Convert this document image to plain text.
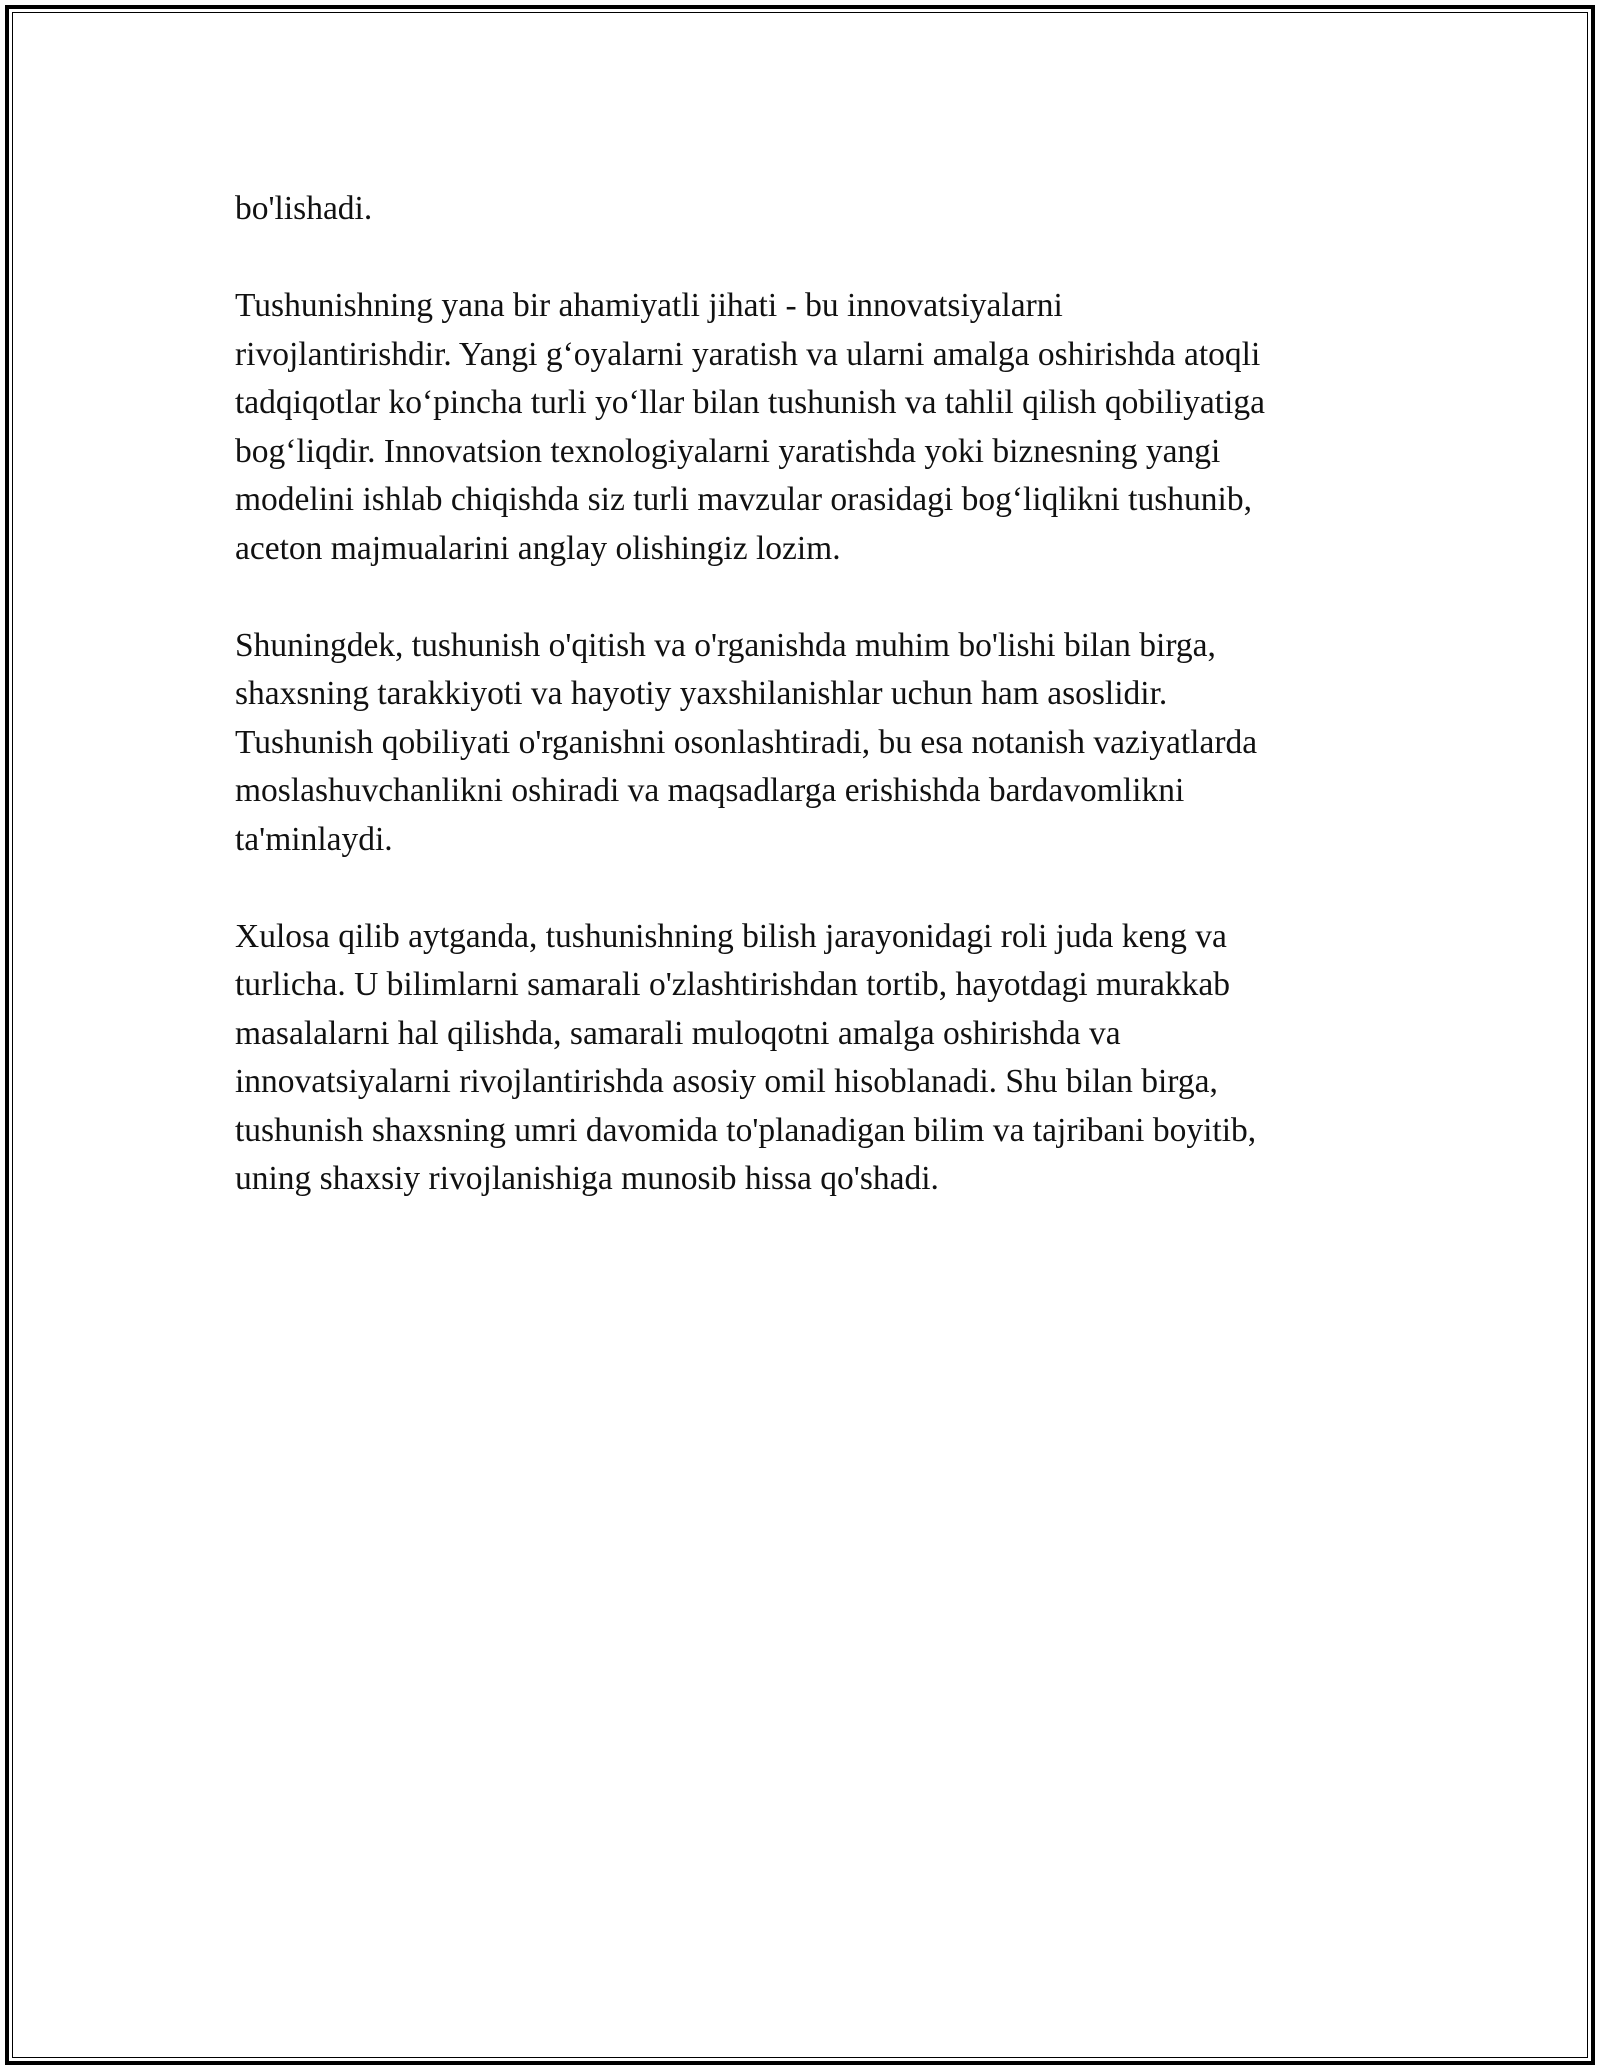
bo'lishadi.

Tushunishning yana bir ahamiyatli jihati - bu innovatsiyalarni
rivojlantirishdir. Yangi g‘oyalarni yaratish va ularni amalga oshirishda atoqli
tadqiqotlar ko‘pincha turli yo‘llar bilan tushunish va tahlil qilish qobiliyatiga
bog‘liqdir. Innovatsion texnologiyalarni yaratishda yoki biznesning yangi
modelini ishlab chiqishda siz turli mavzular orasidagi bog‘liqlikni tushunib,
aceton majmualarini anglay olishingiz lozim.

Shuningdek, tushunish o'qitish va o'rganishda muhim bo'lishi bilan birga,
shaxsning tarakkiyoti va hayotiy yaxshilanishlar uchun ham asoslidir.
Tushunish qobiliyati o'rganishni osonlashtiradi, bu esa notanish vaziyatlarda
moslashuvchanlikni oshiradi va maqsadlarga erishishda bardavomlikni
ta'minlaydi.

Xulosa qilib aytganda, tushunishning bilish jarayonidagi roli juda keng va
turlicha. U bilimlarni samarali o'zlashtirishdan tortib, hayotdagi murakkab
masalalarni hal qilishda, samarali muloqotni amalga oshirishda va
innovatsiyalarni rivojlantirishda asosiy omil hisoblanadi. Shu bilan birga,
tushunish shaxsning umri davomida to'planadigan bilim va tajribani boyitib,
uning shaxsiy rivojlanishiga munosib hissa qo'shadi.
